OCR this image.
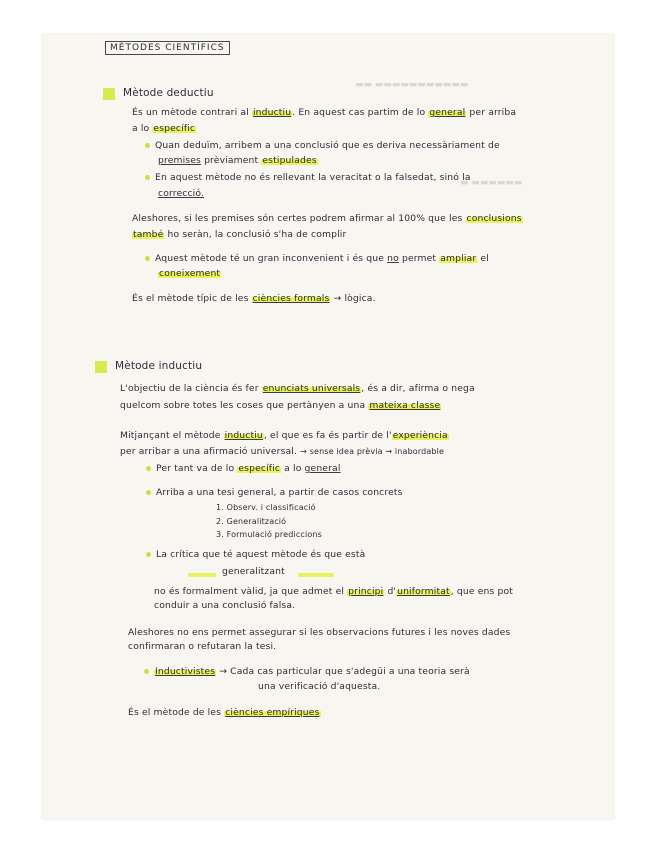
▬▬ ▬▬▬▬▬▬▬▬▬▬▬
▬ ▬▬▬▬▬▬
MÈTODES CIENTÍFICS
Mètode deductiu
És un mètode contrari al inductiu. En aquest cas partim de lo general per arriba
a lo específic
Quan deduïm, arribem a una conclusió que es deriva necessàriament de
premises prèviament estipulades
En aquest mètode no és rellevant la veracitat o la falsedat, sinó la
correcció.
Aleshores, si les premises són certes podrem afirmar al 100% que les conclusions
també ho seràn, la conclusió s'ha de complir
Aquest mètode té un gran inconvenient i és que no permet ampliar el
coneixement
És el mètode típic de les ciències formals → lògica.
Mètode inductiu
L'objectiu de la ciència és fer enunciats universals, és a dir, afirma o nega
quelcom sobre totes les coses que pertànyen a una mateixa classe
Mitjançant el mètode inductiu, el que es fa és partir de l'experiència
per arribar a una afirmació universal. → sense idea prèvia ⇝ inabordable
Per tant va de lo específic a lo general
Arriba a una tesi general, a partir de casos concrets
1. Observ. i classificació
2. Generalització
3. Formulació prediccions
La crítica que té aquest mètode és que està
generalitzant
no és formalment vàlid, ja que admet el principi d'uniformitat, que ens pot
conduir a una conclusió falsa.
Aleshores no ens permet assegurar si les observacions futures i les noves dades
confirmaran o refutaran la tesi.
Inductivistes → Cada cas particular que s'adegüi a una teoria serà
una verificació d'aquesta.
És el mètode de les ciències empíriques
